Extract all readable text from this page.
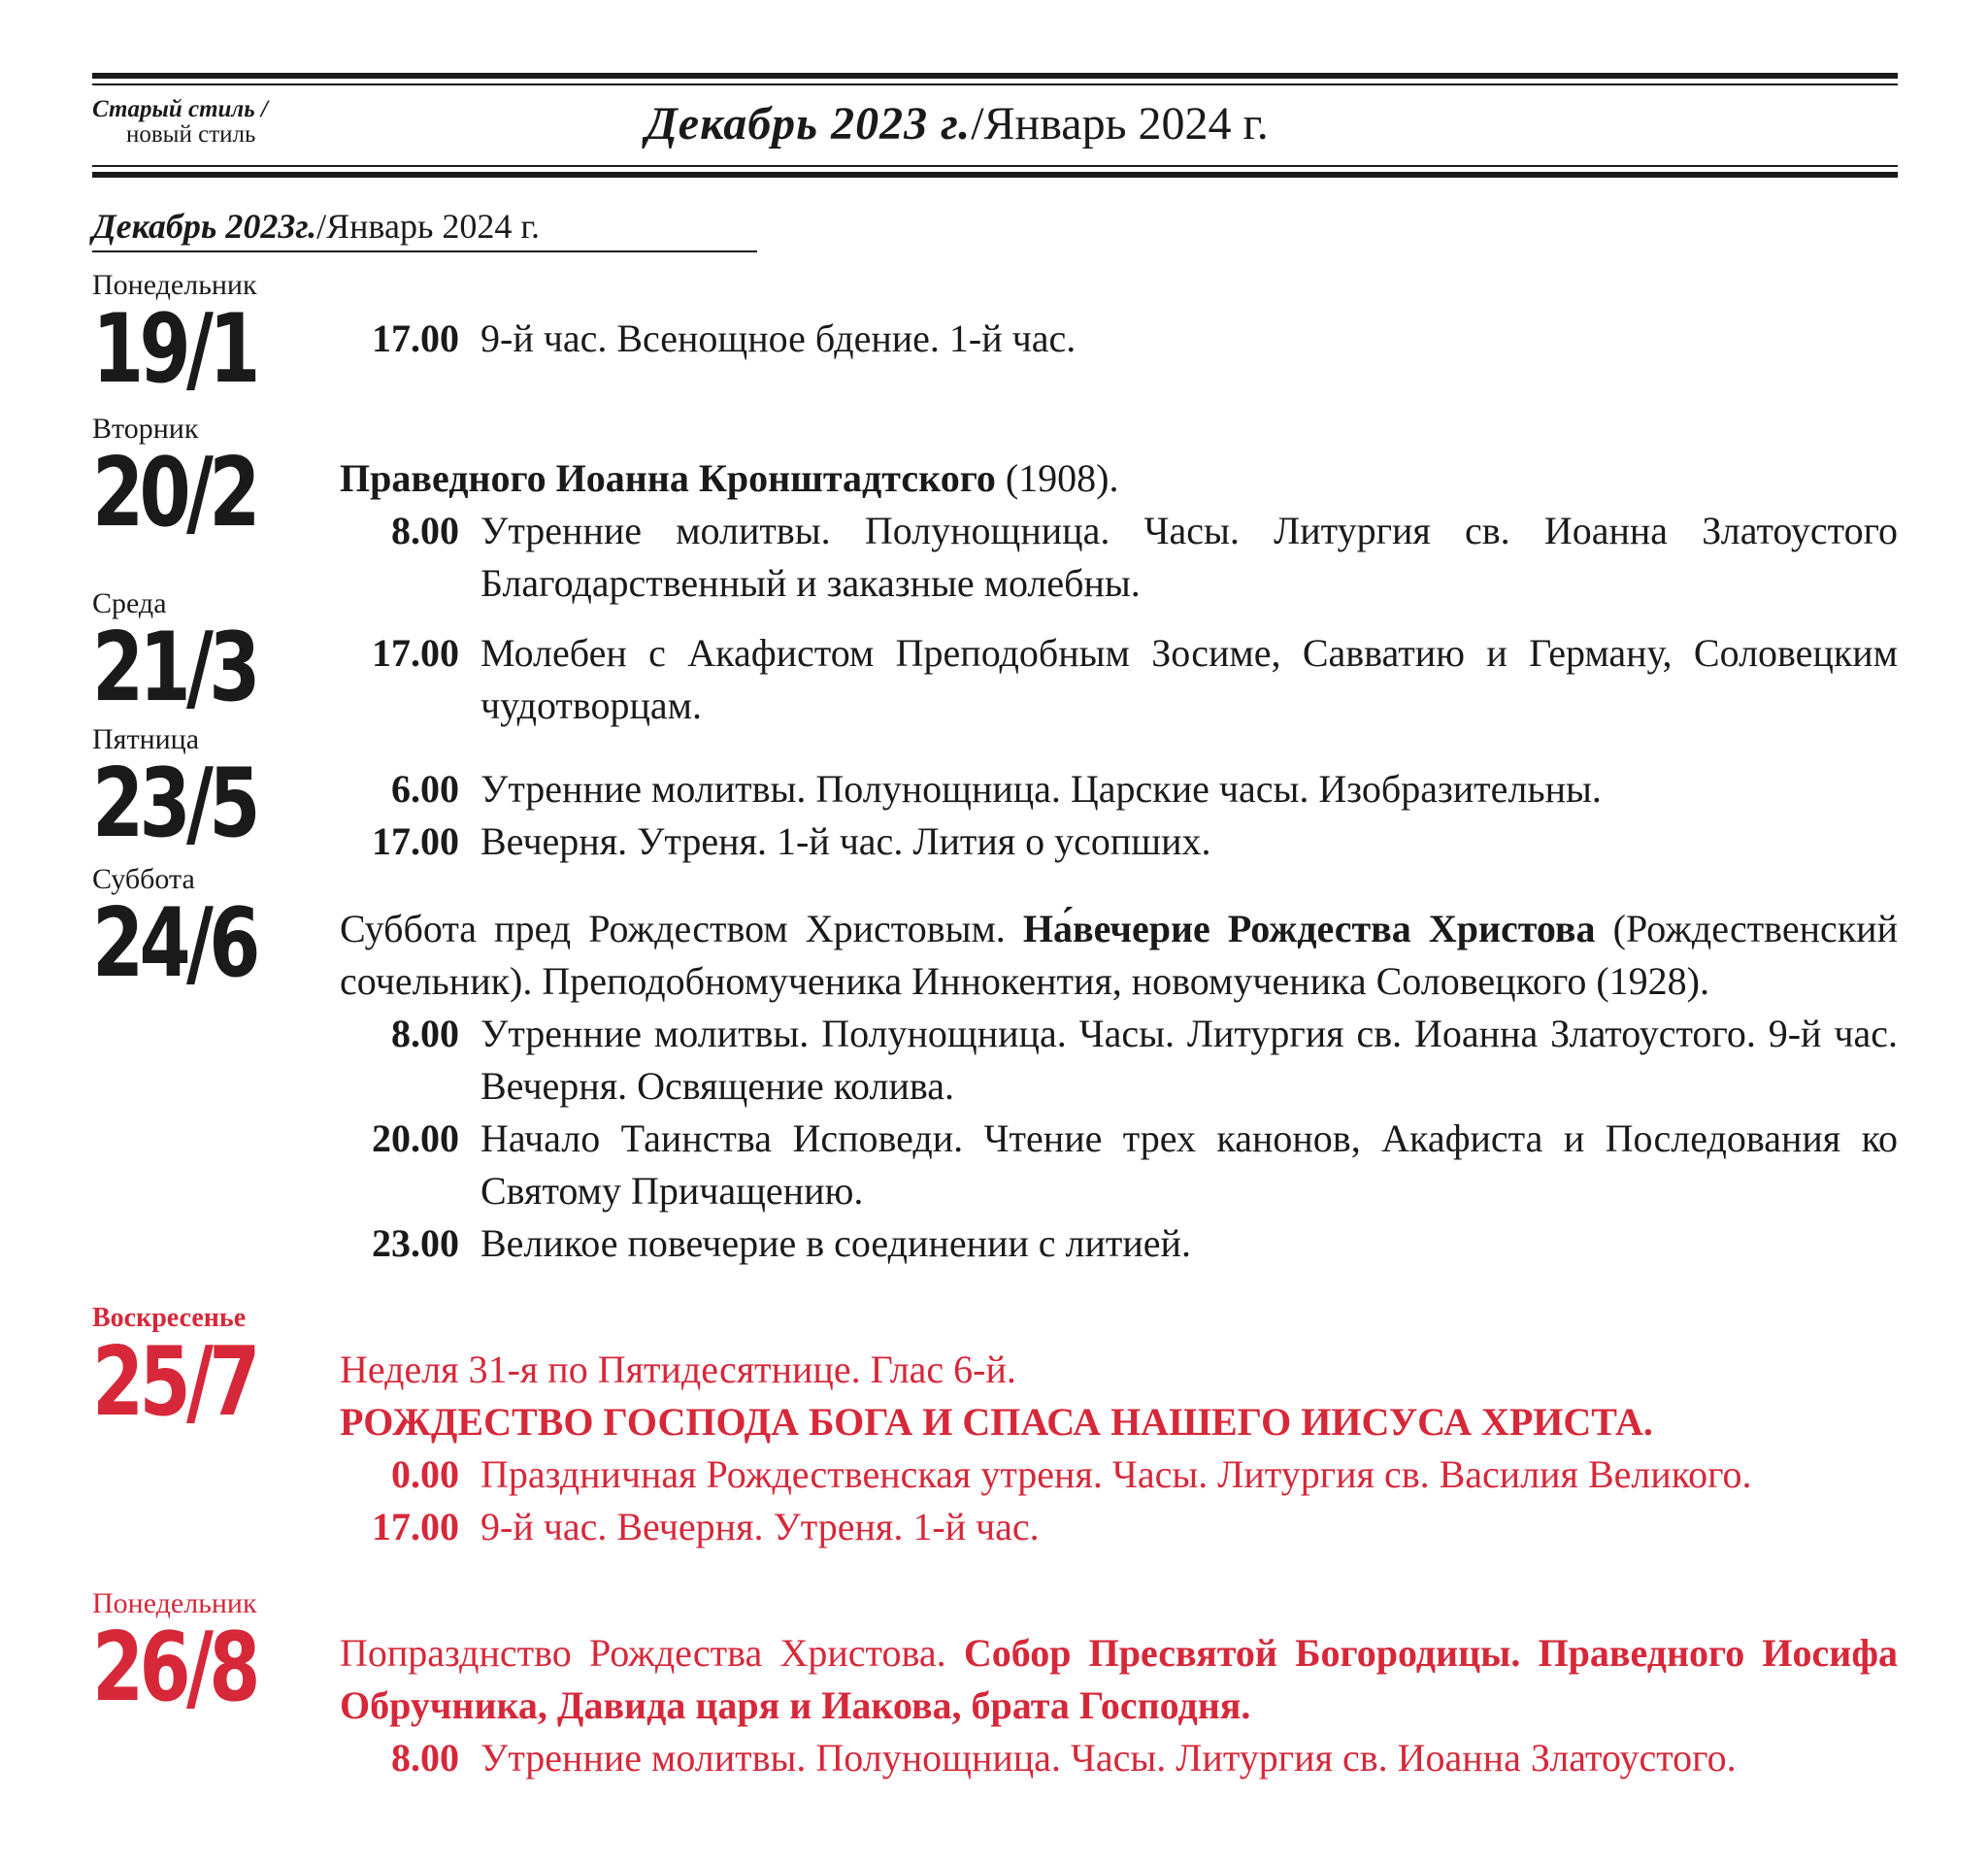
Старый стиль /
новый стиль	Декабрь 2023 г./Январь 2024 г.
Декабрь 2023г./Январь 2024 г.
Понедельник
19/1	17.00 9-й час. Всенощное бдение. 1-й час.
Вторник
20/2 Праведного Иоанна Кронштадтского (1908).
8.00 Утренние молитвы. Полунощница. Часы. Литургия св. Иоанна Златоустого Благодарственный и заказные молебны.
Среда
21/3	17.00 Молебен с Акафистом Преподобным Зосиме, Савватию и Герману, Соловецким чудотворцам.
Пятница
23/5	6.00 Утренние молитвы. Полунощница. Царские часы. Изобразительны.
17.00 Вечерня. Утреня. 1-й час. Лития о усопших.
Суббота
24/6 Суббота пред Рождеством Христовым. На́вечерие Рождества Христова (Рождественский сочельник). Преподобномученика Иннокентия, новомученика Соловецкого (1928).
8.00 Утренние молитвы. Полунощница. Часы. Литургия св. Иоанна Златоустого. 9-й час. Вечерня. Освящение колива.
20.00 Начало Таинства Исповеди. Чтение трех канонов, Акафиста и Последования ко Святому Причащению.
23.00 Великое повечерие в соединении с литией.
Воскресенье
25/7 Неделя 31-я по Пятидесятнице. Глас 6-й.
РОЖДЕСТВО ГОСПОДА БОГА И СПАСА НАШЕГО ИИСУСА ХРИСТА.
0.00 Праздничная Рождественская утреня. Часы. Литургия св. Василия Великого.
17.00 9-й час. Вечерня. Утреня. 1-й час.
Понедельник
26/8 Попразднство Рождества Христова. Собор Пресвятой Богородицы. Праведного Иосифа Обручника, Давида царя и Иакова, брата Господня.
8.00 Утренние молитвы. Полунощница. Часы. Литургия св. Иоанна Златоустого.
